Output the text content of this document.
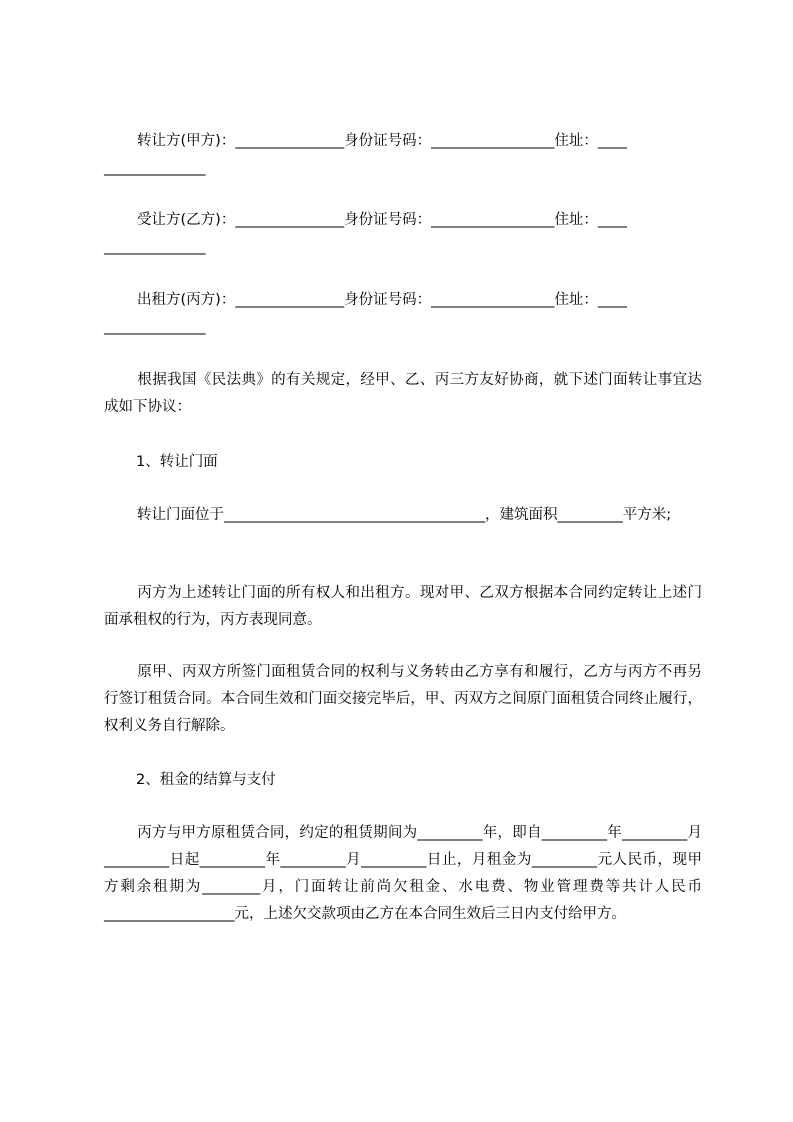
转让方(甲方)：_______________身份证号码：_________________住址：____
______________

受让方(乙方)：_______________身份证号码：_________________住址：____
______________

出租方(丙方)：_______________身份证号码：_________________住址：____
______________

根据我国《民法典》的有关规定，经甲、乙、丙三方友好协商，就下述门面转让事宜达成如下协议：

1、转让门面

转让门面位于____________________________________，建筑面积_________平方米;

丙方为上述转让门面的所有权人和出租方。现对甲、乙双方根据本合同约定转让上述门面承租权的行为，丙方表现同意。

原甲、丙双方所签门面租赁合同的权利与义务转由乙方享有和履行，乙方与丙方不再另行签订租赁合同。本合同生效和门面交接完毕后，甲、丙双方之间原门面租赁合同终止履行，权利义务自行解除。

2、租金的结算与支付

丙方与甲方原租赁合同，约定的租赁期间为_________年，即自_________年_________月_________日起_________年_________月_________日止，月租金为_________元人民币，现甲方剩余租期为________月，门面转让前尚欠租金、水电费、物业管理费等共计人民币__________________元，上述欠交款项由乙方在本合同生效后三日内支付给甲方。
